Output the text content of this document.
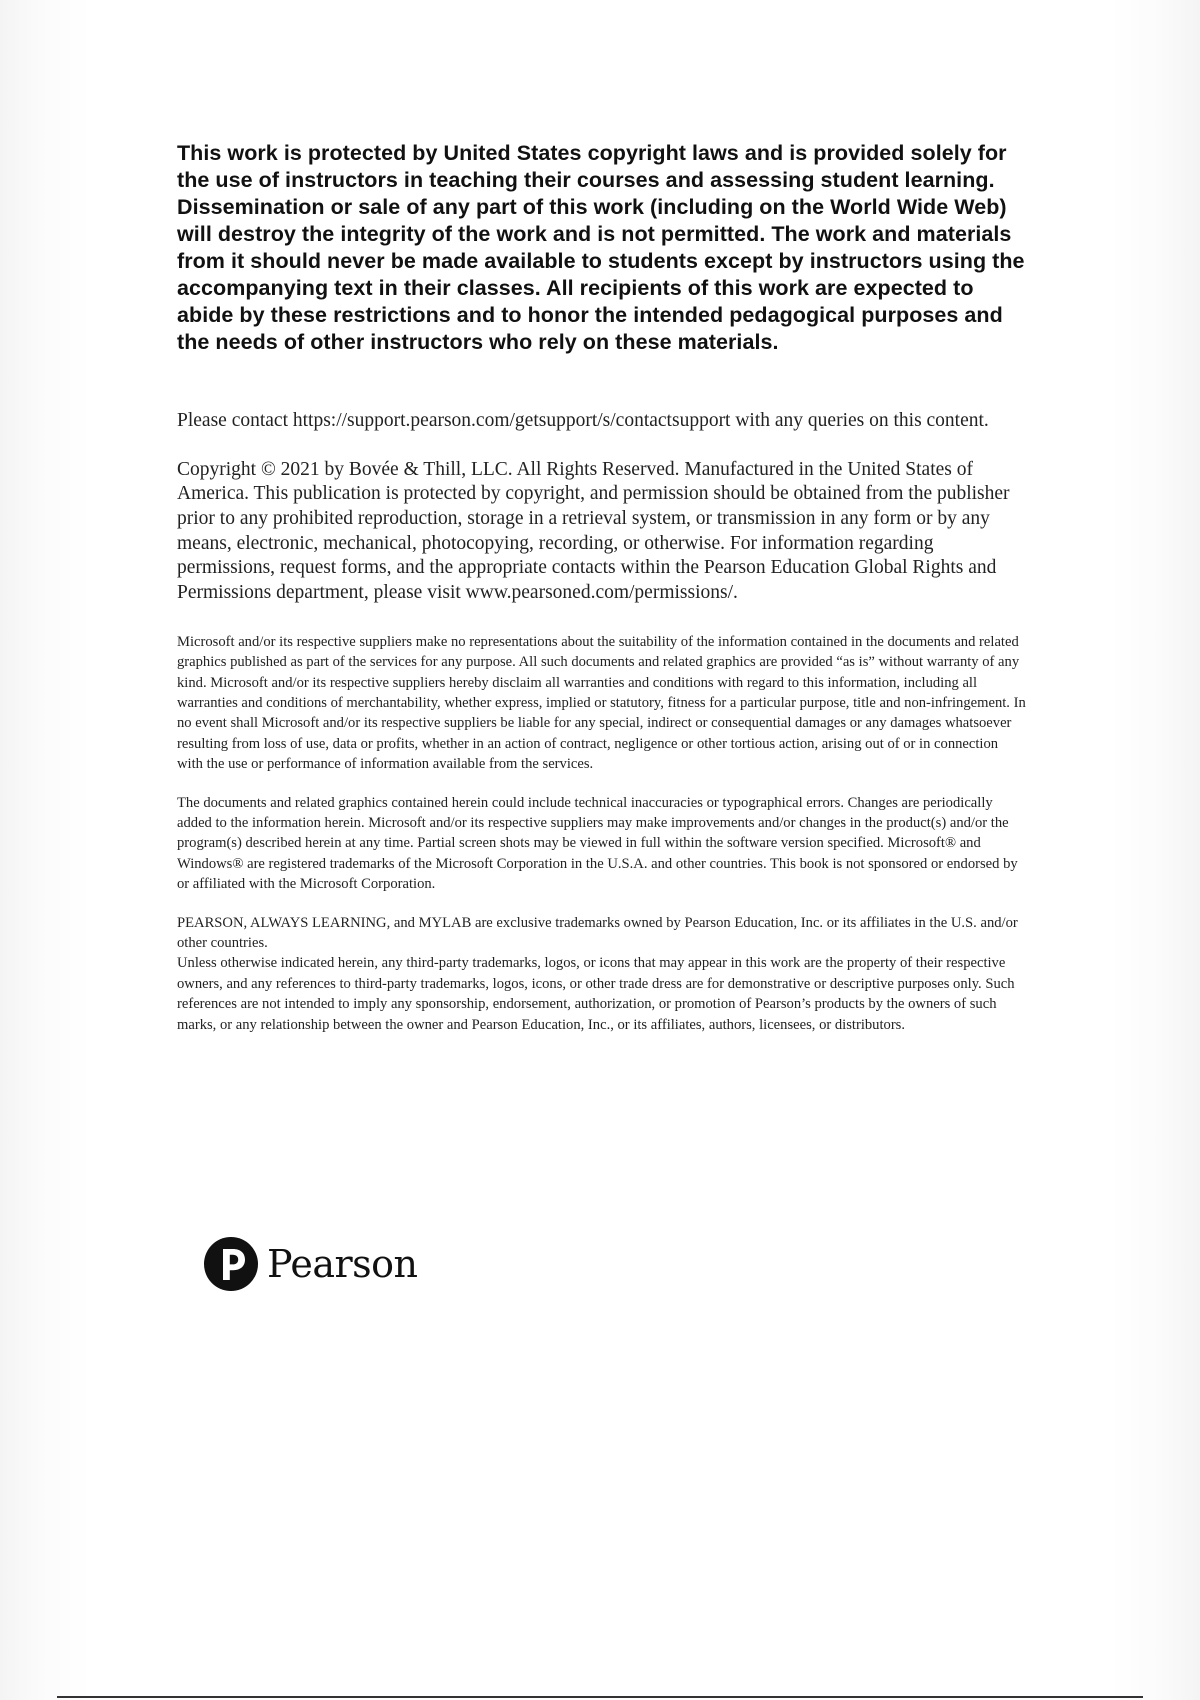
This work is protected by United States copyright laws and is provided solely for the use of instructors in teaching their courses and assessing student learning. Dissemination or sale of any part of this work (including on the World Wide Web) will destroy the integrity of the work and is not permitted. The work and materials from it should never be made available to students except by instructors using the accompanying text in their classes. All recipients of this work are expected to abide by these restrictions and to honor the intended pedagogical purposes and the needs of other instructors who rely on these materials.

Please contact https://support.pearson.com/getsupport/s/contactsupport with any queries on this content.

Copyright © 2021 by Bovée & Thill, LLC. All Rights Reserved. Manufactured in the United States of America. This publication is protected by copyright, and permission should be obtained from the publisher prior to any prohibited reproduction, storage in a retrieval system, or transmission in any form or by any means, electronic, mechanical, photocopying, recording, or otherwise. For information regarding permissions, request forms, and the appropriate contacts within the Pearson Education Global Rights and Permissions department, please visit www.pearsoned.com/permissions/.

Microsoft and/or its respective suppliers make no representations about the suitability of the information contained in the documents and related graphics published as part of the services for any purpose. All such documents and related graphics are provided “as is” without warranty of any kind. Microsoft and/or its respective suppliers hereby disclaim all warranties and conditions with regard to this information, including all warranties and conditions of merchantability, whether express, implied or statutory, fitness for a particular purpose, title and non-infringement. In no event shall Microsoft and/or its respective suppliers be liable for any special, indirect or consequential damages or any damages whatsoever resulting from loss of use, data or profits, whether in an action of contract, negligence or other tortious action, arising out of or in connection with the use or performance of information available from the services.

The documents and related graphics contained herein could include technical inaccuracies or typographical errors. Changes are periodically added to the information herein. Microsoft and/or its respective suppliers may make improvements and/or changes in the product(s) and/or the program(s) described herein at any time. Partial screen shots may be viewed in full within the software version specified. Microsoft® and Windows® are registered trademarks of the Microsoft Corporation in the U.S.A. and other countries. This book is not sponsored or endorsed by or affiliated with the Microsoft Corporation.

PEARSON, ALWAYS LEARNING, and MYLAB are exclusive trademarks owned by Pearson Education, Inc. or its affiliates in the U.S. and/or other countries.

Unless otherwise indicated herein, any third-party trademarks, logos, or icons that may appear in this work are the property of their respective owners, and any references to third-party trademarks, logos, icons, or other trade dress are for demonstrative or descriptive purposes only. Such references are not intended to imply any sponsorship, endorsement, authorization, or promotion of Pearson’s products by the owners of such marks, or any relationship between the owner and Pearson Education, Inc., or its affiliates, authors, licensees, or distributors.

Pearson
